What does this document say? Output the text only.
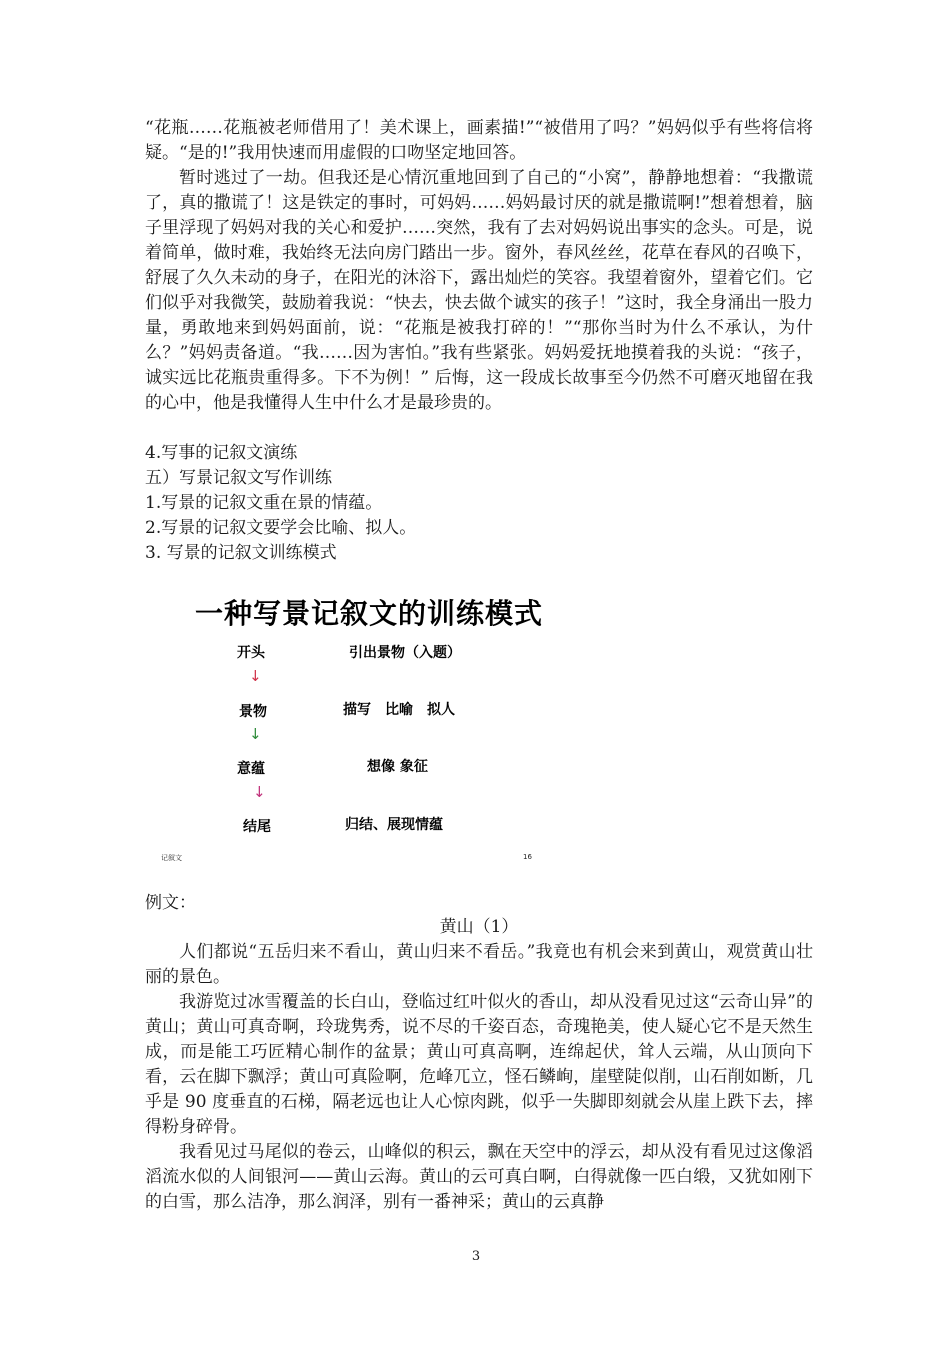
“花瓶……花瓶被老师借用了！美术课上，画素描!”“被借用了吗？”妈妈似乎有些将信将疑。“是的!”我用快速而用虚假的口吻坚定地回答。

暂时逃过了一劫。但我还是心情沉重地回到了自己的“小窝”，静静地想着：“我撒谎了，真的撒谎了！这是铁定的事时，可妈妈……妈妈最讨厌的就是撒谎啊!”想着想着，脑子里浮现了妈妈对我的关心和爱护……突然，我有了去对妈妈说出事实的念头。可是，说着简单，做时难，我始终无法向房门踏出一步。窗外，春风丝丝，花草在春风的召唤下，舒展了久久未动的身子，在阳光的沐浴下，露出灿烂的笑容。我望着窗外，望着它们。它们似乎对我微笑，鼓励着我说：“快去，快去做个诚实的孩子！”这时，我全身涌出一股力量，勇敢地来到妈妈面前，说：“花瓶是被我打碎的！”“那你当时为什么不承认，为什么？”妈妈责备道。“我……因为害怕。”我有些紧张。妈妈爱抚地摸着我的头说：“孩子，诚实远比花瓶贵重得多。下不为例！” 后悔，这一段成长故事至今仍然不可磨灭地留在我的心中，他是我懂得人生中什么才是最珍贵的。

4.写事的记叙文演练
五）写景记叙文写作训练
1.写景的记叙文重在景的情蕴。
2.写景的记叙文要学会比喻、拟人。
3. 写景的记叙文训练模式
一种写景记叙文的训练模式
开头	引出景物（入题）
↓
景物	描写　比喻　拟人
↓
意蕴	想像 象征
↓
结尾	归结、展现情蕴
记叙文	16
例文：
黄山（1）

人们都说“五岳归来不看山，黄山归来不看岳。”我竟也有机会来到黄山，观赏黄山壮丽的景色。

我游览过冰雪覆盖的长白山，登临过红叶似火的香山，却从没看见过这“云奇山异”的黄山；黄山可真奇啊，玲珑隽秀，说不尽的千姿百态，奇瑰艳美，使人疑心它不是天然生成，而是能工巧匠精心制作的盆景；黄山可真高啊，连绵起伏，耸人云端，从山顶向下看，云在脚下飘浮；黄山可真险啊，危峰兀立，怪石鳞峋，崖壁陡似削，山石削如断，几乎是 90 度垂直的石梯，隔老远也让人心惊肉跳，似乎一失脚即刻就会从崖上跌下去，摔得粉身碎骨。

我看见过马尾似的卷云，山峰似的积云，飘在天空中的浮云，却从没有看见过这像滔滔流水似的人间银河——黄山云海。黄山的云可真白啊，白得就像一匹白缎，又犹如刚下的白雪，那么洁净，那么润泽，别有一番神采；黄山的云真静

3
